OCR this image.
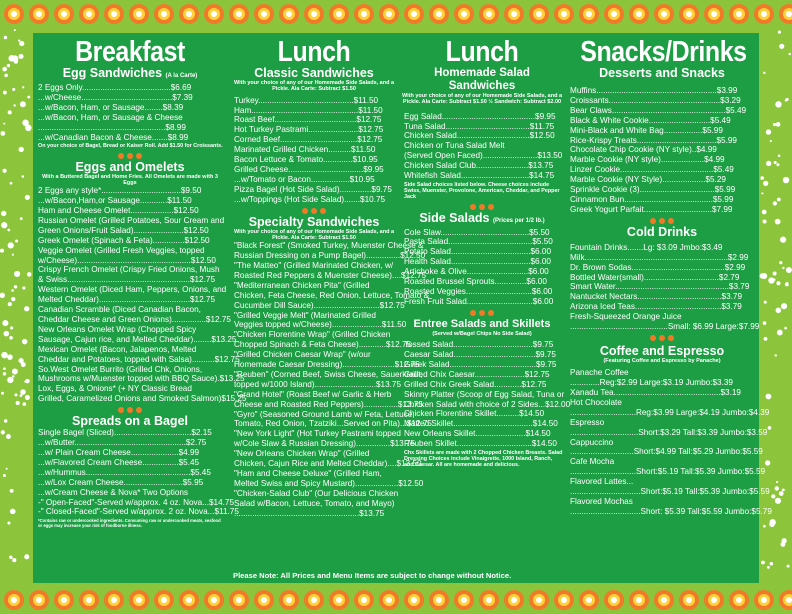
Breakfast
Egg Sandwiches (A la Carte)
2 Eggs Only.......................................$6.69
...w/Cheese........................................$7.39
...w/Bacon, Ham, or Sausage........$8.39
...w/Bacon, Ham, or Sausage & Cheese
........................................................$8.99
...w/Canadian Bacon & Cheese.......$8.99
On your choice of Bagel, Bread or Kaiser Roll. Add $1.50 for Croissants.
Eggs and Omelets
With a Buttered Bagel and Home Fries. All Omelets are made with 3 Eggs
2 Eggs any style*...................................$9.50
...w/Bacon,Ham,or Sausage............$11.50
Ham and Cheese Omelet...................$12.50
Russian Omelet (Grilled Potatoes, Sour Cream and
Green Onions/Fruit Salad)......................$12.50
Greek Omelet (Spinach & Feta)..............$12.50
Veggie Omelet (Grilled Fresh Veggies, topped
w/Cheese)..................................................$12.50
Crispy French Omelet (Crispy Fried Onions, Mush
& Swiss......................................................$12.75
Western Omelet (Diced Ham, Peppers, Onions, and
Melted Cheddar)........................................$12.75
Canadian Scramble (Diced Canadian Bacon,
Cheddar Cheese and Green Onions)...............$12.75
New Orleans Omelet Wrap (Chopped Spicy
Sausage, Cajun rice, and Melted Cheddar)........$13.25
Mexican Omelet (Bacon, Jalapenos, Melted
Cheddar and Potatoes, topped with Salsa)..........$12.75
So.West Omelet Burrito (Grilled Chk, Onions,
Mushrooms w/Muenster topped with BBQ Sauce).$13.25
Lox, Eggs, & Onions* (+ NY Classic Bread
Grilled, Caramelized Onions and Smoked Salmon)$15.25
Spreads on a Bagel
Single Bagel (Sliced)..................................$2.15
...w/Butter.................................................$2.75
...w/ Plain Cream Cheese.....................$4.99
...w/Flavored Cream Cheese................$5.45
...w/Hummus..............................................$5.45
...w/Lox Cream Cheese..........................$5.95
...w/Cream Cheese & Nova* Two Options
-" Open-Faced"-Served w/approx. 4 oz. Nova...$14.75
-" Closed-Faced"-Served w/approx. 2 oz. Nova...$11.75
*Contains raw or undercooked ingredients. Consuming raw or undercooked meats, seafood or eggs may increase your risk of foodborne illness.
Lunch
Classic Sandwiches
With your choice of any of our Homemade Side Salads, and a Pickle. Ala Carte: Subtract $1.50
Turkey..........................................$11.50
Ham...............................................$11.50
Roast Beef....................................$12.75
Hot Turkey Pastrami......................$12.75
Corned Beef..................................$12.75
Marinated Grilled Chicken..........$11.50
Bacon Lettuce & Tomato.............$10.95
Grilled Cheese.................................$9.95
...w/Tomato or Bacon.................$10.95
Pizza Bagel (Hot Side Salad)..............$9.75
...w/Toppings (Hot Side Salad).......$10.75
Specialty Sandwiches
With your choice of any of our Homemade Side Salads, and a Pickle. Ala Carte: Subtract $1.50
"Black Forest" (Smoked Turkey, Muenster Cheese &
Russian Dressing on a Pump Bagel)...............$12.50
"The Matteo" (Grilled Marinated Chicken, w/
Roasted Red Peppers & Muenster Cheese)....$12.75
"Mediterranean Chicken Pita" (Grilled
Chicken, Feta Cheese, Red Onion, Lettuce, Tomato &
Cucumber Dill Sauce).............................$12.75
"Grilled Veggie Melt" (Marinated Grilled
Veggies topped w/Cheese)......................$11.50
"Chicken Florentine Wrap" (Grilled Chicken
Chopped Spinach & Feta Cheese)............$12.75
"Grilled Chicken Caesar Wrap" (w/our
Homemade Caesar Dressing).......................$12.75
"Reuben" (Corned Beef, Swiss Cheese, Sauerkraut,
topped w/1000 Island)...........................$13.75
"Grand Hotel" (Roast Beef w/ Garlic & Herb
Cheese and Roasted Red Peppers)...............$13.75
"Gyro" (Seasoned Ground Lamb w/ Feta, Lettuce,
Tomato, Red Onion, Tzatziki...Served on Pita)...$12.75
"New York Light" (Hot Turkey Pastrami topped
w/Cole Slaw & Russian Dressing)...............$13.75
"New Orleans Chicken Wrap" (Grilled
Chicken, Cajun Rice and Melted Cheddar)....$13.50
"Ham and Cheese Deluxe" (Grilled Ham,
Melted Swiss and Spicy Mustard)...................$12.50
"Chicken-Salad Club" (Our Delicious Chicken
Salad w/Bacon, Lettuce, Tomato, and Mayo)
.......................................................$13.75
Lunch
Homemade Salad Sandwiches
With your choice of any of our Homemade Side Salads, and a Pickle. Ala Carte: Subtract $1.50 ½ Sandwich: Subtract $2.00
Egg Salad.........................................$9.95
Tuna Salad.....................................$11.75
Chicken Salad................................$12.50
Chicken or Tuna Salad Melt
(Served Open Faced)........................$13.50
Chicken Salad Club.......................$13.75
Whitefish Salad..............................$14.75
Side Salad choices listed below. Cheese choices include Swiss, Muenster, Provolone, American, Cheddar, and Pepper Jack
Side Salads (Prices per 1/2 lb.)
Cole Slaw.......................................$5.50
Pasta Salad.....................................$5.50
Potato Salad...................................$6.00
Health Salad...................................$6.00
Artichoke & Olive...........................$6.00
Roasted Brussel Sprouts..............$6.00
Roasted Veggies.............................$6.00
Fresh Fruit Salad.............................$6.00
Entree Salads and Skillets
(Served w/Bagel Chips No Side Salad)
Tossed Salad...................................$9.75
Caesar Salad....................................$9.75
Greek Salad......................................$9.75
Grilled Chix Caesar......................$12.75
Grilled Chix Greek Salad............$12.75
Skinny Platter (Scoop of Egg Salad, Tuna or
Chicken Salad with choice of 2 Sides...$12.00
Chicken Florentine Skillet..........$14.50
Matteo Skillet...................................$14.50
New Orleans Skillet......................$14.50
Reuben Skillet.................................$14.50
Chx Skillets are made with 2 Chopped Chicken Breasts. Salad Dressing Choices include Vinaigrette, 1000 Island, Ranch, and Caesar. All are homemade and delicious.
Snacks/Drinks
Desserts and Snacks
Muffins.....................................................$3.99
Croissants.................................................$3.29
Bear Claws..................................................$5.49
Black & White Cookie...........................$5.49
Mini-Black and White Bag.................$5.99
Rice-Krispy Treats...................................$5.99
Chocolate Chip Cookie (NY style)..$4.99
Marble Cookie (NY style)...................$4.99
Linzer Cookie.........................................$5.49
Marble Cookie (NY Style)...................$5.29
Sprinkle Cookie (3).................................$5.99
Cinnamon Bun.......................................$5.99
Greek Yogurt Parfait..............................$7.99
Cold Drinks
Fountain Drinks.......Lg: $3.09 Jmbo:$3.49
Milk...............................................................$2.99
Dr. Brown Sodas.........................................$2.99
Bottled Water(small).................................$2.79
Smart Water..................................................$3.79
Nantucket Nectars.....................................$3.79
Arizona Iced Teas......................................$3.79
Fresh-Squeezed Orange Juice
...........................................Small: $6.99 Large:$7.99
Coffee and Espresso
(Featuring Coffee and Espresso by Panache)
Panache Coffee
.............Reg:$2.99 Large:$3.19 Jumbo:$3.39
Xanadu Tea...............................................$3.19
Hot Chocolate
.............................Reg:$3.99 Large:$4.19 Jumbo:$4.39
Espresso
..............................Short:$3.29 Tall:$3.39 Jumbo:$3.59
Cappuccino
............................Short:$4.99 Tall:$5.29 Jumbo:$5.59
Cafe Mocha
.............................Short:$5.19 Tall:$5.39 Jumbo:$5.59
Flavored Lattes...
...............................Short:$5.19 Tall:$5.39 Jumbo:$5.59
Flavored Mochas
...............................Short: $5.39 Tall:$5.59 Jumbo:$5.79
Please Note: All Prices and Menu Items are subject to change without Notice.
